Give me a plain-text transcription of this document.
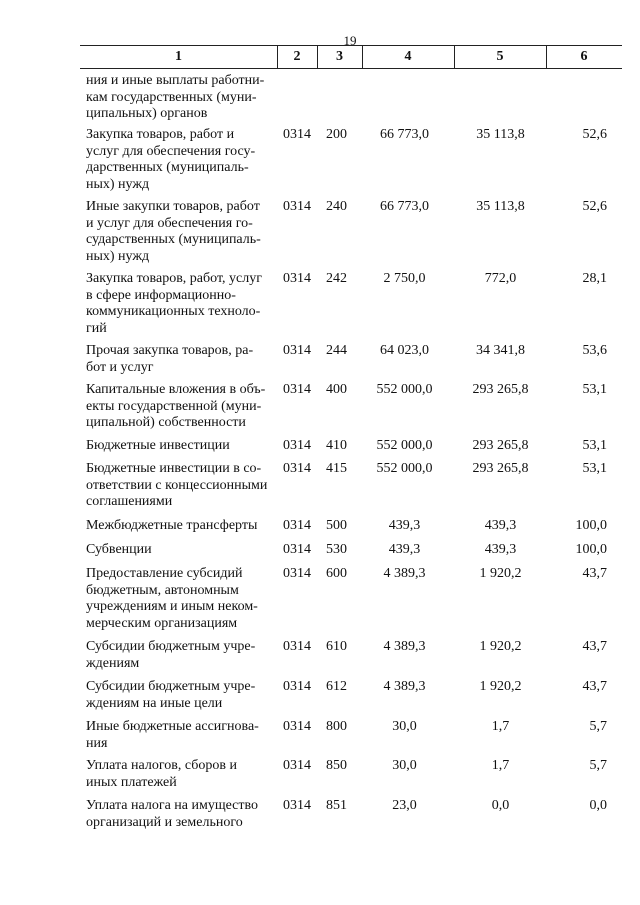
19
1	2	3	4	5	6
ния и иные выплаты работни-
кам государственных (муни-
ципальных) органов
Закупка товаров, работ и
услуг для обеспечения госу-
дарственных (муниципаль-
ных) нужд
0314	200	66 773,0	35 113,8	52,6
Иные закупки товаров, работ
и услуг для обеспечения го-
сударственных (муниципаль-
ных) нужд
0314	240	66 773,0	35 113,8	52,6
Закупка товаров, работ, услуг
в сфере информационно-
коммуникационных техноло-
гий
0314	242	2 750,0	772,0	28,1
Прочая закупка товаров, ра-
бот и услуг
0314	244	64 023,0	34 341,8	53,6
Капитальные вложения в объ-
екты государственной (муни-
ципальной) собственности
0314	400	552 000,0	293 265,8	53,1
Бюджетные инвестиции	0314	410	552 000,0	293 265,8	53,1
Бюджетные инвестиции в со-
ответствии с концессионными
соглашениями
0314	415	552 000,0	293 265,8	53,1
Межбюджетные трансферты	0314	500	439,3	439,3	100,0
Субвенции	0314	530	439,3	439,3	100,0
Предоставление субсидий
бюджетным, автономным
учреждениям и иным неком-
мерческим организациям
0314	600	4 389,3	1 920,2	43,7
Субсидии бюджетным учре-
ждениям
0314	610	4 389,3	1 920,2	43,7
Субсидии бюджетным учре-
ждениям на иные цели
0314	612	4 389,3	1 920,2	43,7
Иные бюджетные ассигнова-
ния
0314	800	30,0	1,7	5,7
Уплата налогов, сборов и
иных платежей
0314	850	30,0	1,7	5,7
Уплата налога на имущество
организаций и земельного
0314	851	23,0	0,0	0,0
